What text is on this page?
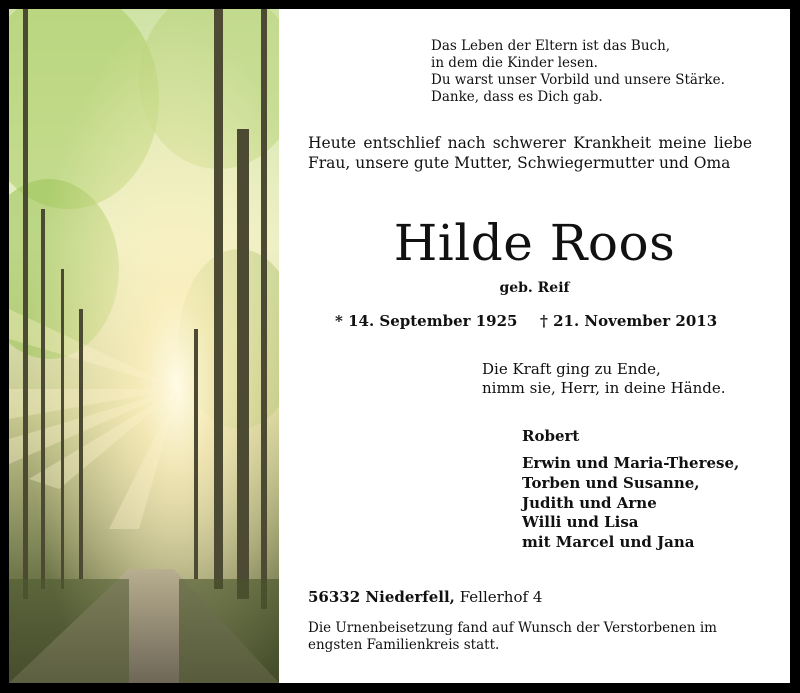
Das Leben der Eltern ist das Buch,
in dem die Kinder lesen.
Du warst unser Vorbild und unsere Stärke.
Danke, dass es Dich gab.
Heute entschlief nach schwerer Krankheit meine liebe Frau, unsere gute Mutter, Schwiegermutter und Oma
Hilde Roos
geb. Reif
* 14. September 1925 † 21. November 2013
Die Kraft ging zu Ende,
nimm sie, Herr, in deine Hände.
Robert
Erwin und Maria-Therese,
Torben und Susanne,
Judith und Arne
Willi und Lisa
mit Marcel und Jana
56332 Niederfell, Fellerhof 4
Die Urnenbeisetzung fand auf Wunsch der Verstorbenen im engsten Familienkreis statt.
